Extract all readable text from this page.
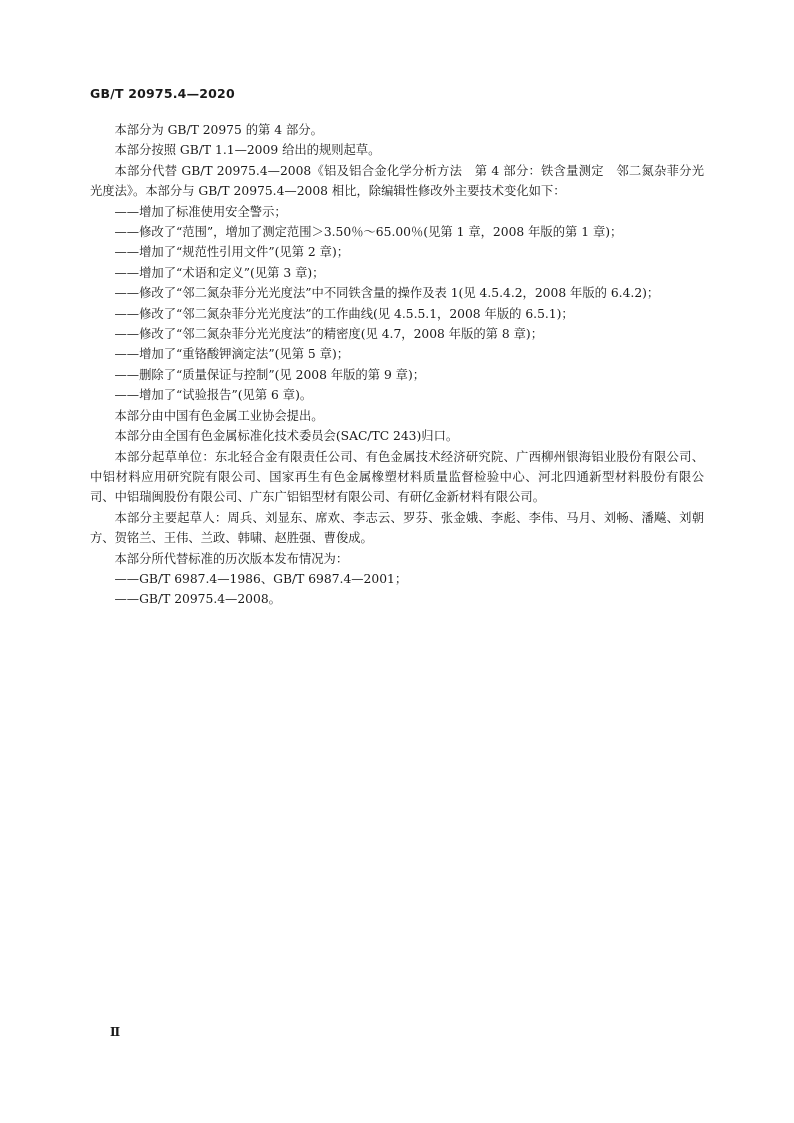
GB/T 20975.4—2020

本部分为 GB/T 20975 的第 4 部分。

本部分按照 GB/T 1.1—2009 给出的规则起草。

本部分代替 GB/T 20975.4—2008《铝及铝合金化学分析方法　第 4 部分：铁含量测定　邻二氮杂菲分光光度法》。本部分与 GB/T 20975.4—2008 相比，除编辑性修改外主要技术变化如下：

——增加了标准使用安全警示；

——修改了“范围”，增加了测定范围＞3.50％～65.00％(见第 1 章，2008 年版的第 1 章)；

——增加了“规范性引用文件”(见第 2 章)；

——增加了“术语和定义”(见第 3 章)；

——修改了“邻二氮杂菲分光光度法”中不同铁含量的操作及表 1(见 4.5.4.2，2008 年版的 6.4.2)；

——修改了“邻二氮杂菲分光光度法”的工作曲线(见 4.5.5.1，2008 年版的 6.5.1)；

——修改了“邻二氮杂菲分光光度法”的精密度(见 4.7，2008 年版的第 8 章)；

——增加了“重铬酸钾滴定法”(见第 5 章)；

——删除了“质量保证与控制”(见 2008 年版的第 9 章)；

——增加了“试验报告”(见第 6 章)。

本部分由中国有色金属工业协会提出。

本部分由全国有色金属标准化技术委员会(SAC/TC 243)归口。

本部分起草单位：东北轻合金有限责任公司、有色金属技术经济研究院、广西柳州银海铝业股份有限公司、中铝材料应用研究院有限公司、国家再生有色金属橡塑材料质量监督检验中心、河北四通新型材料股份有限公司、中铝瑞闽股份有限公司、广东广铝铝型材有限公司、有研亿金新材料有限公司。

本部分主要起草人：周兵、刘显东、席欢、李志云、罗芬、张金娥、李彪、李伟、马月、刘畅、潘飚、刘朝方、贺铭兰、王伟、兰政、韩啸、赵胜强、曹俊成。

本部分所代替标准的历次版本发布情况为：

——GB/T 6987.4—1986、GB/T 6987.4—2001；

——GB/T 20975.4—2008。

Ⅱ
